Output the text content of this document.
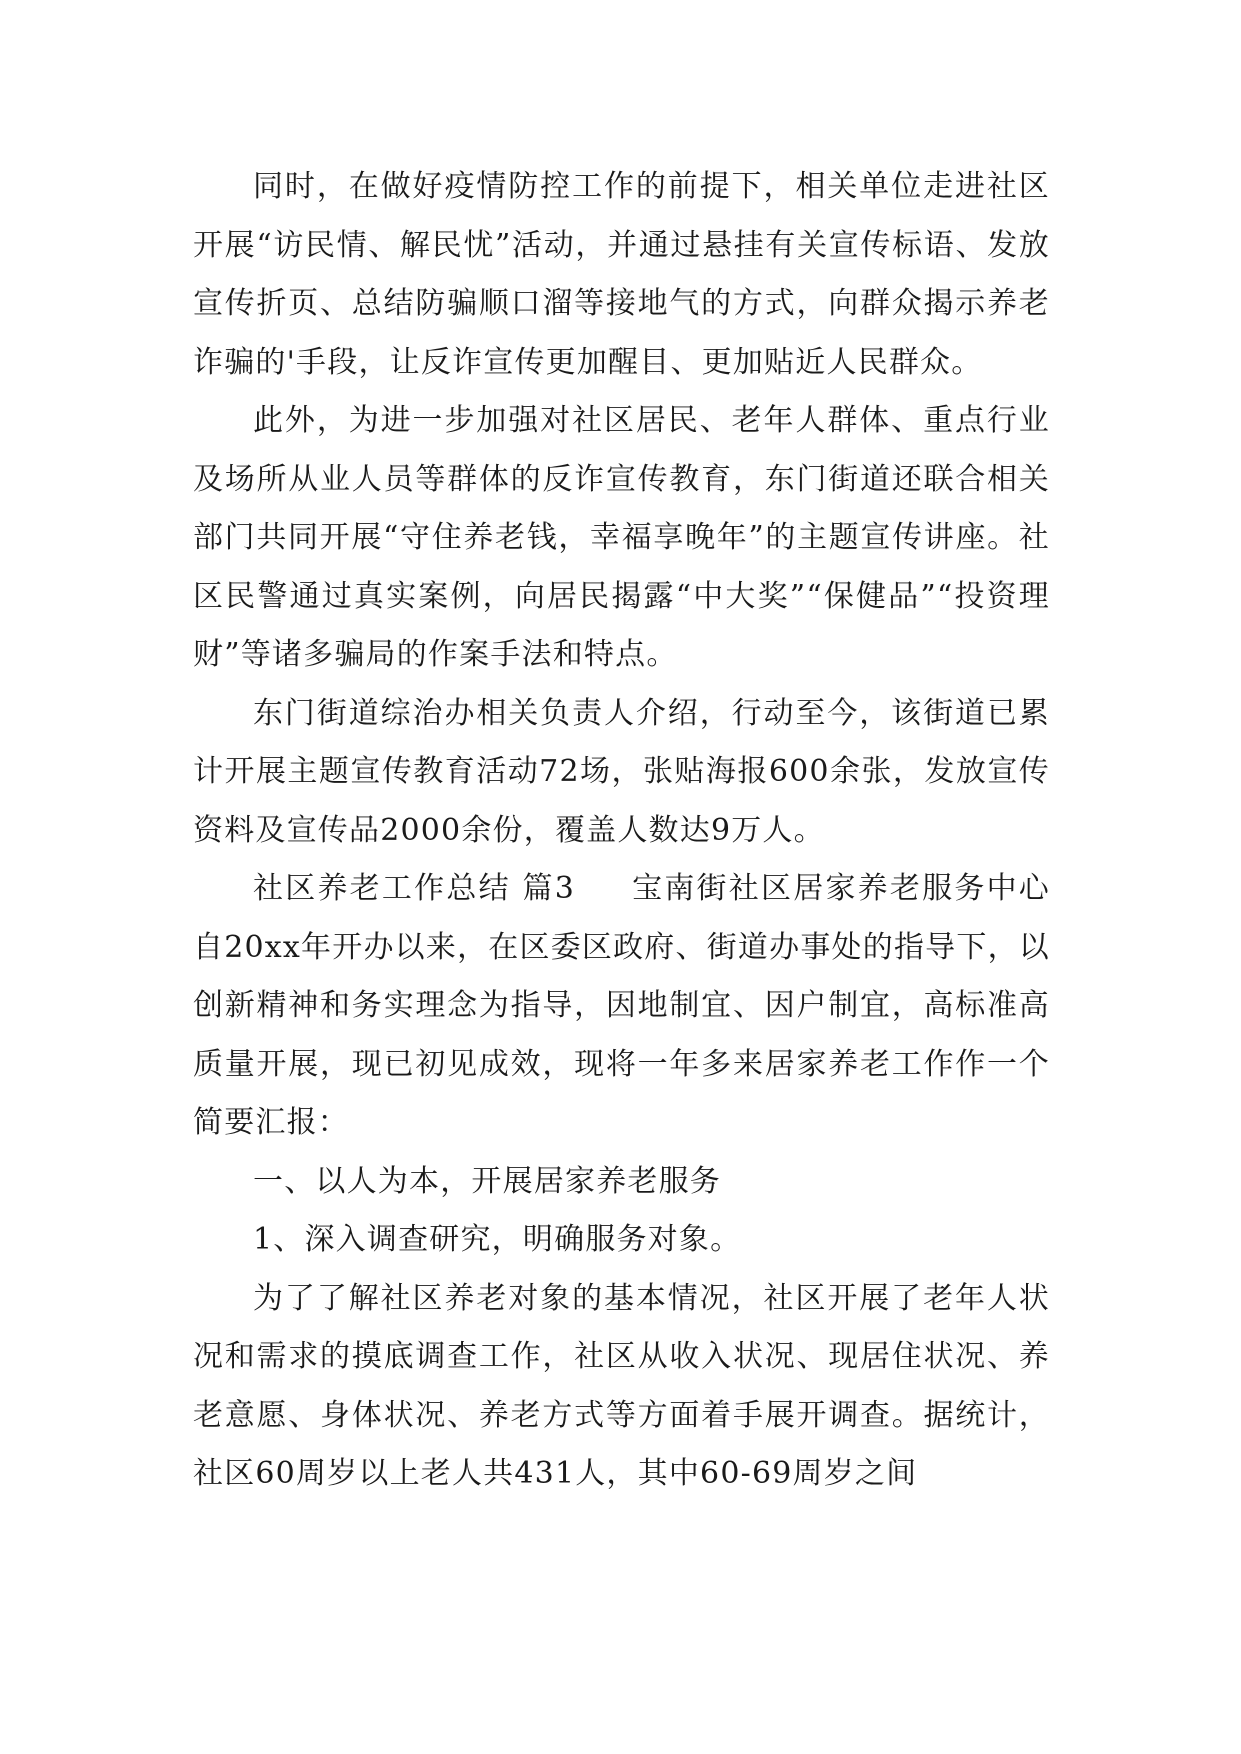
同时，在做好疫情防控工作的前提下，相关单位走进社区开展“访民情、解民忧”活动，并通过悬挂有关宣传标语、发放宣传折页、总结防骗顺口溜等接地气的方式，向群众揭示养老诈骗的'手段，让反诈宣传更加醒目、更加贴近人民群众。

此外，为进一步加强对社区居民、老年人群体、重点行业及场所从业人员等群体的反诈宣传教育，东门街道还联合相关部门共同开展“守住养老钱，幸福享晚年”的主题宣传讲座。社区民警通过真实案例，向居民揭露“中大奖”“保健品”“投资理财”等诸多骗局的作案手法和特点。

东门街道综治办相关负责人介绍，行动至今，该街道已累计开展主题宣传教育活动72场，张贴海报600余张，发放宣传资料及宣传品2000余份，覆盖人数达9万人。

社区养老工作总结 篇3 宝南街社区居家养老服务中心自20xx年开办以来，在区委区政府、街道办事处的指导下，以创新精神和务实理念为指导，因地制宜、因户制宜，高标准高质量开展，现已初见成效，现将一年多来居家养老工作作一个简要汇报：

一、以人为本，开展居家养老服务

1、深入调查研究，明确服务对象。

为了了解社区养老对象的基本情况，社区开展了老年人状况和需求的摸底调查工作，社区从收入状况、现居住状况、养老意愿、身体状况、养老方式等方面着手展开调查。据统计，社区60周岁以上老人共431人，其中60-69周岁之间
